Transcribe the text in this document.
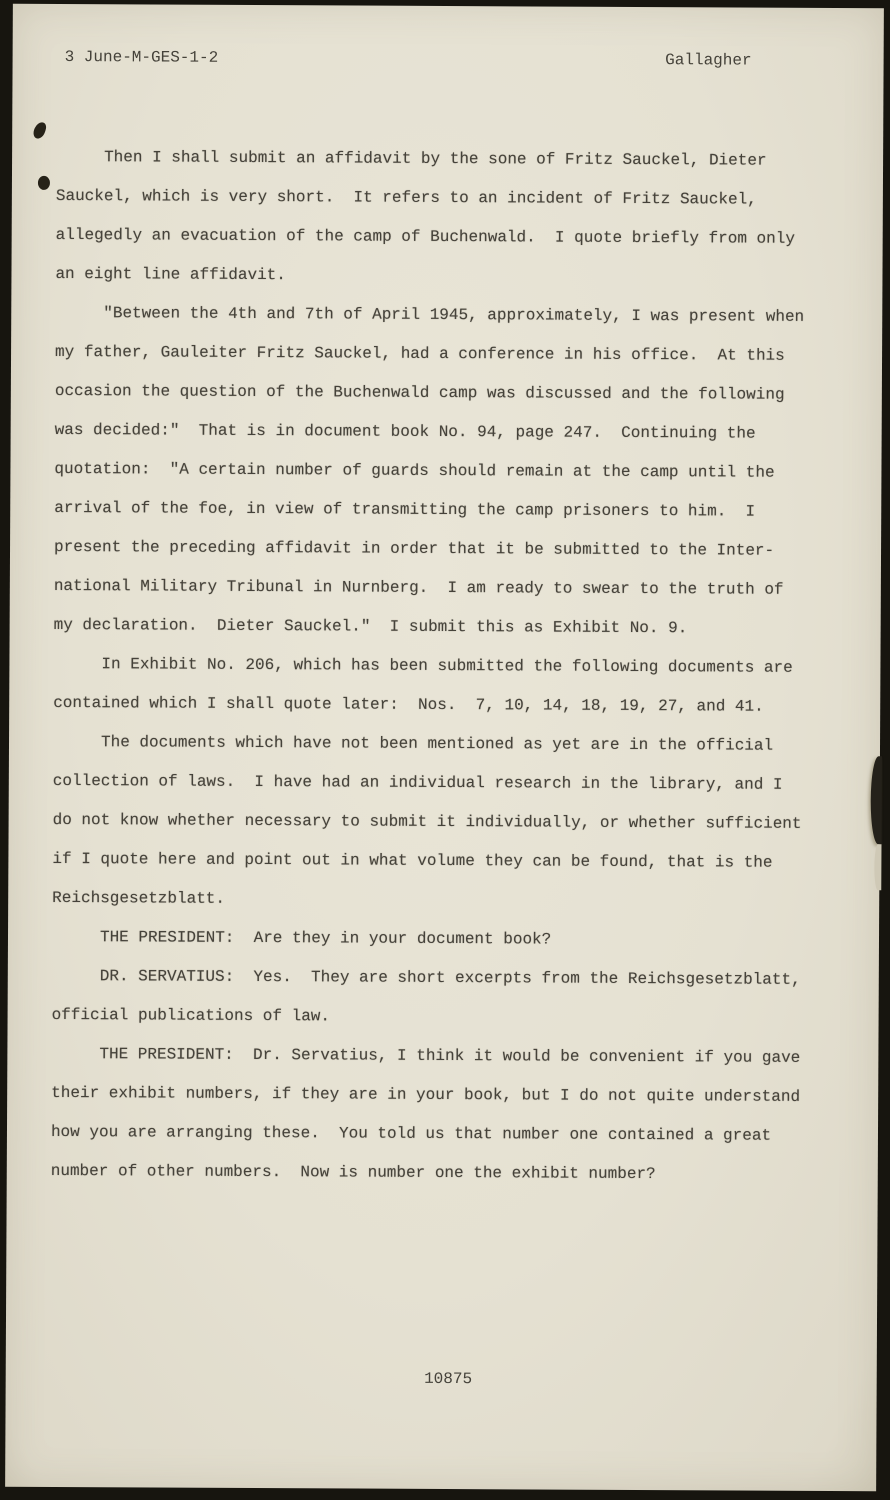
3 June-M-GES-1-2	Gallagher
Then I shall submit an affidavit by the sone of Fritz Sauckel, Dieter
Sauckel, which is very short.  It refers to an incident of Fritz Sauckel,
allegedly an evacuation of the camp of Buchenwald.  I quote briefly from only
an eight line affidavit.
"Between the 4th and 7th of April 1945, approximately, I was present when
my father, Gauleiter Fritz Sauckel, had a conference in his office.  At this
occasion the question of the Buchenwald camp was discussed and the following
was decided:"  That is in document book No. 94, page 247.  Continuing the
quotation:  "A certain number of guards should remain at the camp until the
arrival of the foe, in view of transmitting the camp prisoners to him.  I
present the preceding affidavit in order that it be submitted to the Inter-
national Military Tribunal in Nurnberg.  I am ready to swear to the truth of
my declaration.  Dieter Sauckel."  I submit this as Exhibit No. 9.
In Exhibit No. 206, which has been submitted the following documents are
contained which I shall quote later:  Nos.  7, 10, 14, 18, 19, 27, and 41.
The documents which have not been mentioned as yet are in the official
collection of laws.  I have had an individual research in the library, and I
do not know whether necessary to submit it individually, or whether sufficient
if I quote here and point out in what volume they can be found, that is the
Reichsgesetzblatt.
THE PRESIDENT:  Are they in your document book?
DR. SERVATIUS:  Yes.  They are short excerpts from the Reichsgesetzblatt,
official publications of law.
THE PRESIDENT:  Dr. Servatius, I think it would be convenient if you gave
their exhibit numbers, if they are in your book, but I do not quite understand
how you are arranging these.  You told us that number one contained a great
number of other numbers.  Now is number one the exhibit number?

10875
